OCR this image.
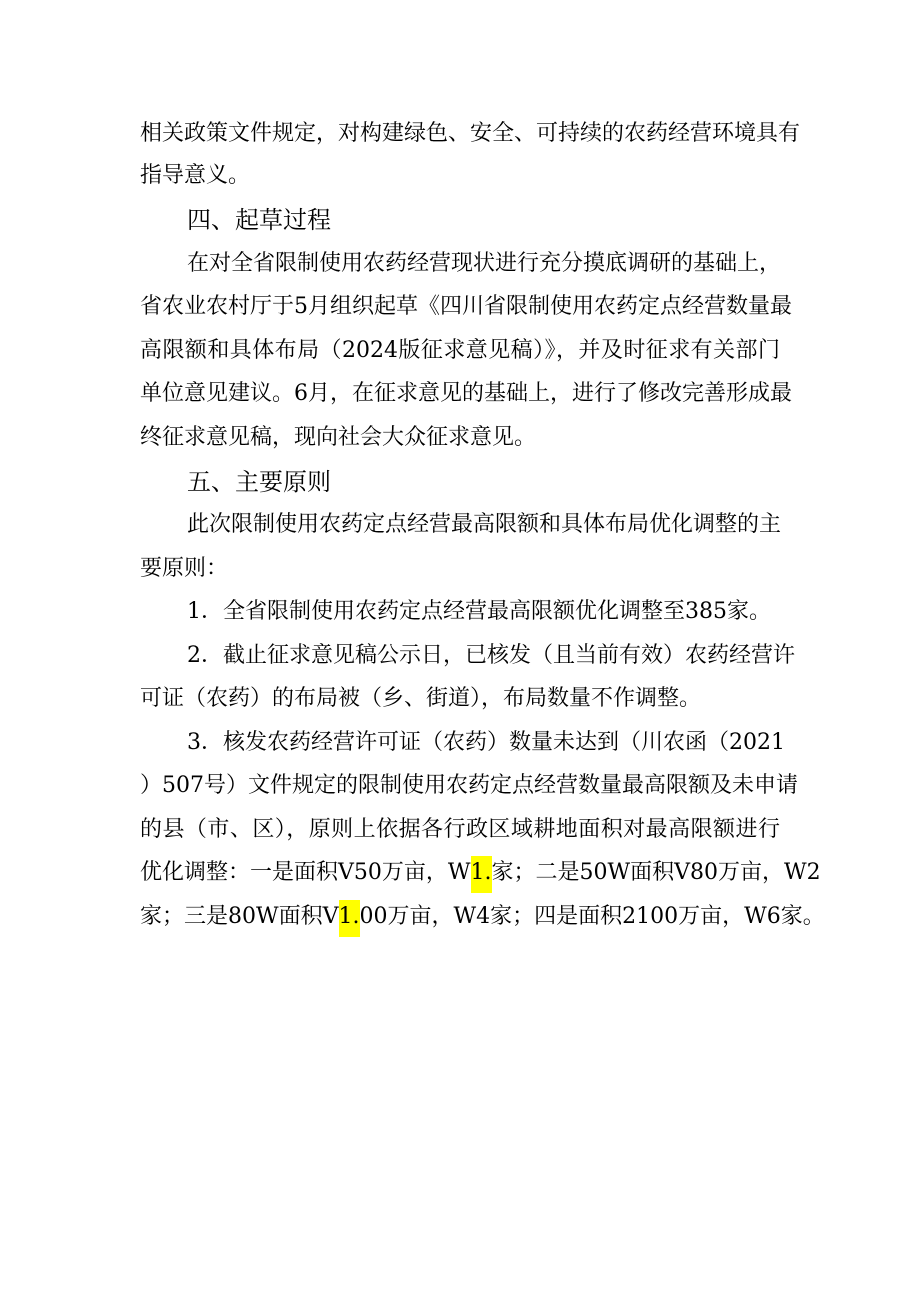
相关政策文件规定，对构建绿色、安全、可持续的农药经营环境具有
指导意义。
四、起草过程
在对全省限制使用农药经营现状进行充分摸底调研的基础上，
省农业农村厅于5月组织起草《四川省限制使用农药定点经营数量最
高限额和具体布局（2024版征求意见稿）》，并及时征求有关部门
单位意见建议。6月，在征求意见的基础上，进行了修改完善形成最
终征求意见稿，现向社会大众征求意见。
五、主要原则
此次限制使用农药定点经营最高限额和具体布局优化调整的主
要原则：
1．全省限制使用农药定点经营最高限额优化调整至385家。
2．截止征求意见稿公示日，已核发（且当前有效）农药经营许
可证（农药）的布局被（乡、街道），布局数量不作调整。
3．核发农药经营许可证（农药）数量未达到（川农函（2021
）507号）文件规定的限制使用农药定点经营数量最高限额及未申请
的县（市、区），原则上依据各行政区域耕地面积对最高限额进行
优化调整：一是面积V50万亩，W1.家；二是50W面积V80万亩，W2
家；三是80W面积V1.00万亩，W4家；四是面积2100万亩，W6家。
